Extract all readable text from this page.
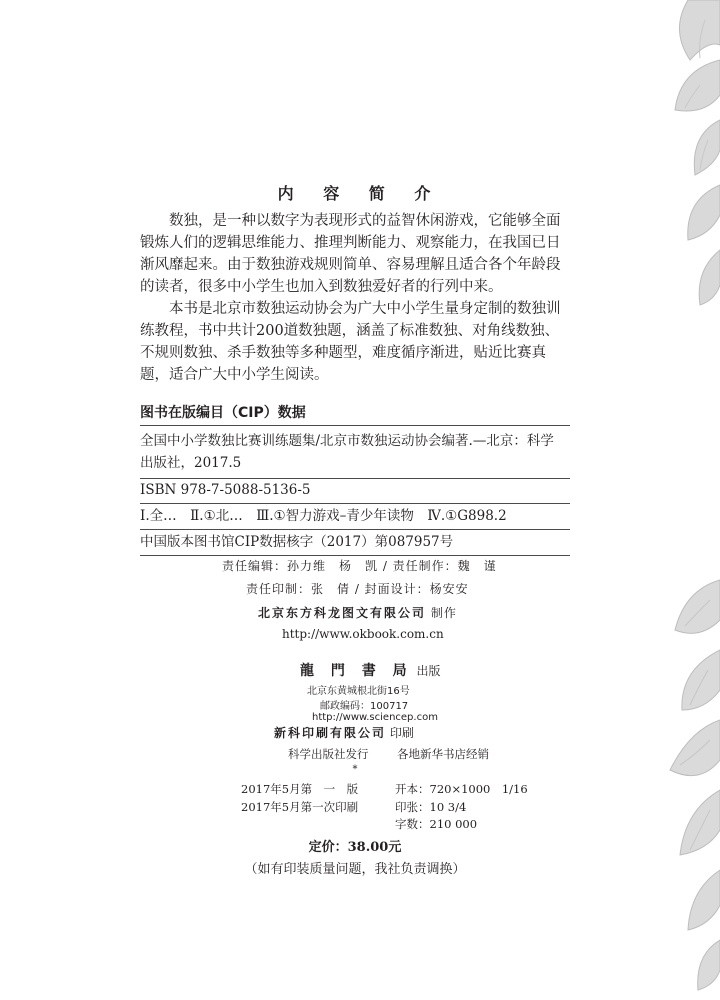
内 容 简 介

数独，是一种以数字为表现形式的益智休闲游戏，它能够全面锻炼人们的逻辑思维能力、推理判断能力、观察能力，在我国已日渐风靡起来。由于数独游戏规则简单、容易理解且适合各个年龄段的读者，很多中小学生也加入到数独爱好者的行列中来。

本书是北京市数独运动协会为广大中小学生量身定制的数独训练教程，书中共计200道数独题，涵盖了标准数独、对角线数独、不规则数独、杀手数独等多种题型，难度循序渐进，贴近比赛真题，适合广大中小学生阅读。

图书在版编目（CIP）数据
全国中小学数独比赛训练题集/北京市数独运动协会编著.—北京：科学
出版社，2017.5
ISBN 978-7-5088-5136-5
Ⅰ.全…　Ⅱ.①北…　Ⅲ.①智力游戏–青少年读物　Ⅳ.①G898.2
中国版本图书馆CIP数据核字（2017）第087957号
责任编辑：孙力维　杨　凯 / 责任制作：魏　谨
责任印制：张　倩 / 封面设计：杨安安
北京东方科龙图文有限公司 制作
http://www.okbook.com.cn
龍 門 書 局 出版
北京东黄城根北街16号
邮政编码：100717
http://www.sciencep.com
新科印刷有限公司 印刷
科学出版社发行 各地新华书店经销
*
2017年5月第　一　版	开本：720×1000　1/16
2017年5月第一次印刷	印张：10 3/4
字数：210 000
定价：38.00元
（如有印装质量问题，我社负责调换）
